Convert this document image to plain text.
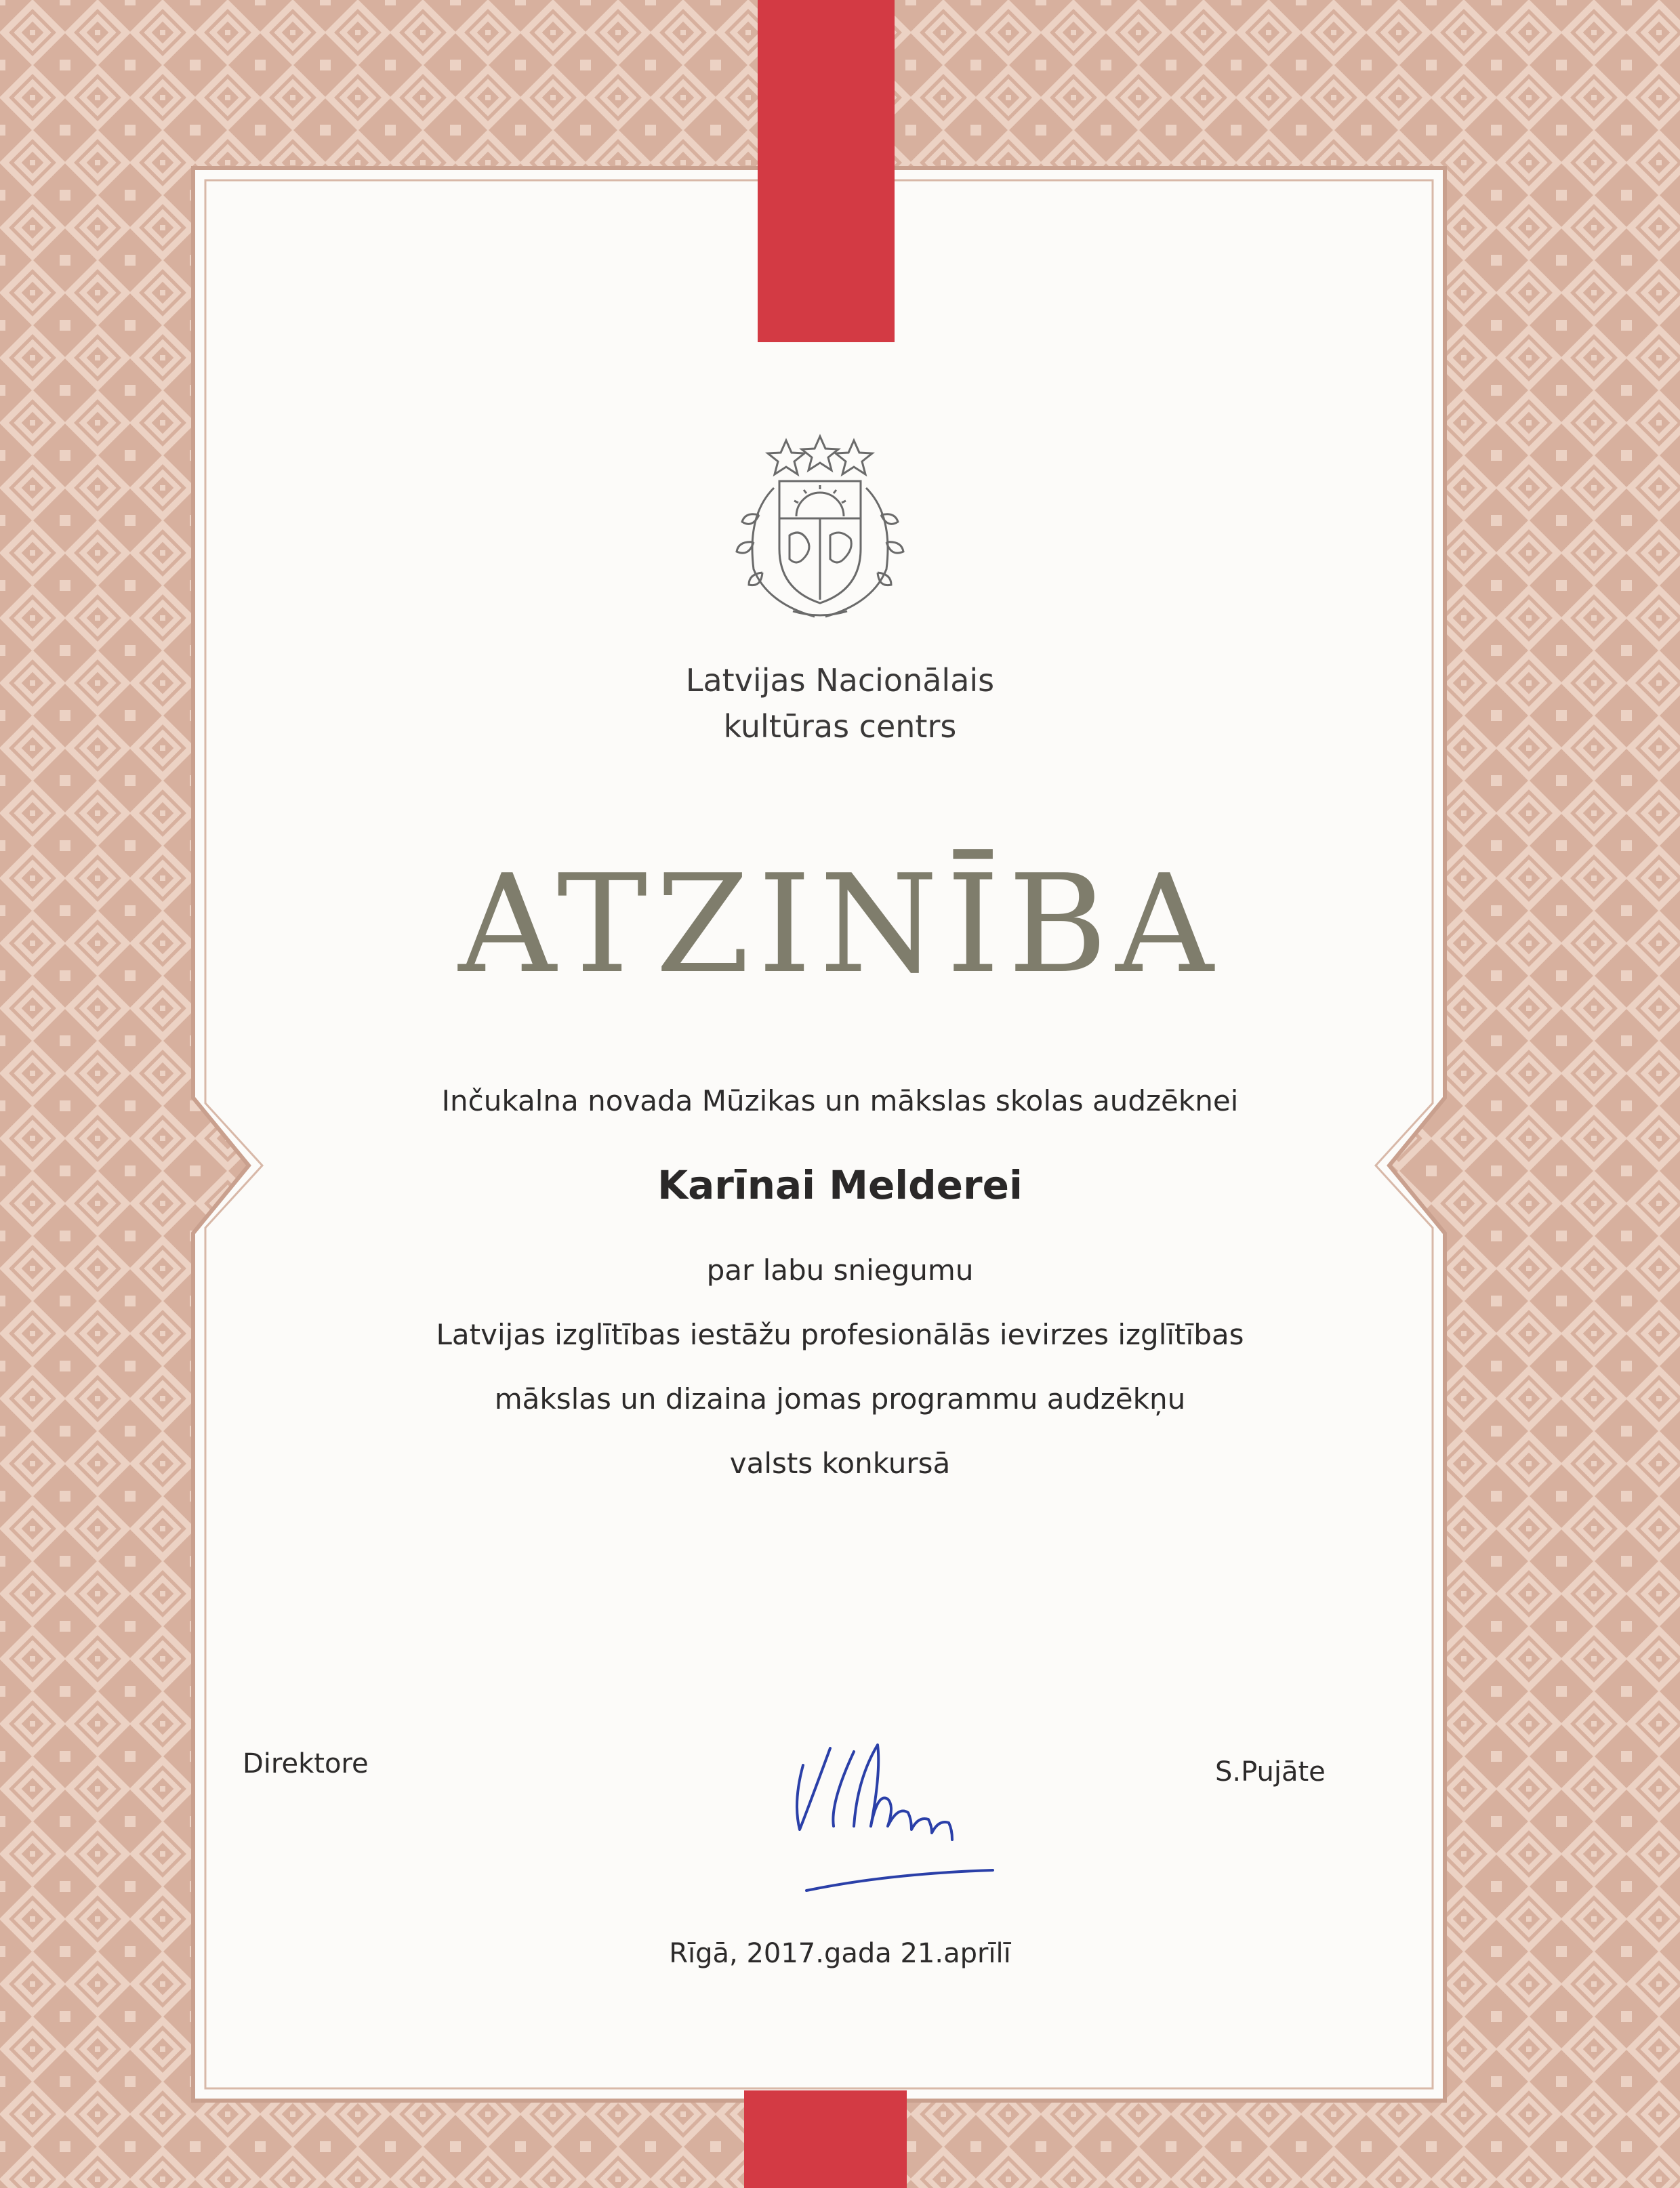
Latvijas Nacionālais
kultūras centrs
ATZINĪBA
Inčukalna novada Mūzikas un mākslas skolas audzēknei
Karīnai Melderei
par labu sniegumu
Latvijas izglītības iestāžu profesionālās ievirzes izglītības
mākslas un dizaina jomas programmu audzēkņu
valsts konkursā
Direktore	S.Pujāte
Rīgā, 2017.gada 21.aprīlī
